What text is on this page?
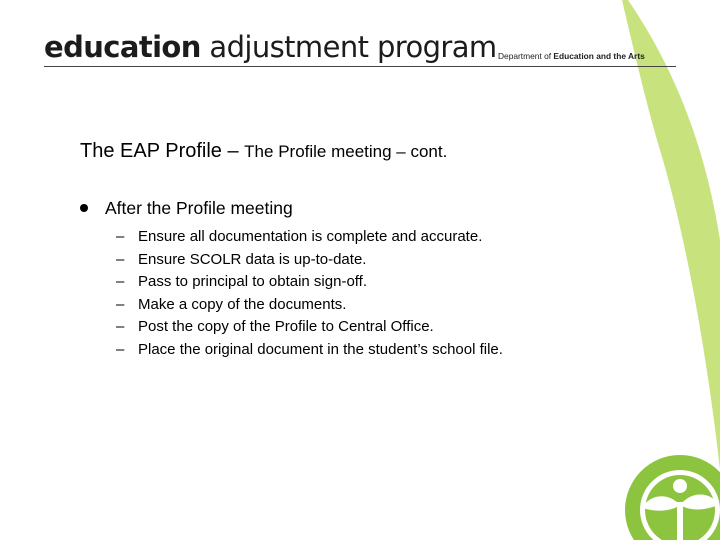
education adjustment program Department of Education and the Arts
The EAP Profile – The Profile meeting – cont.
After the Profile meeting
– Ensure all documentation is complete and accurate.
– Ensure SCOLR data is up-to-date.
– Pass to principal to obtain sign-off.
– Make a copy of the documents.
– Post the copy of the Profile to Central Office.
– Place the original document in the student’s school file.
